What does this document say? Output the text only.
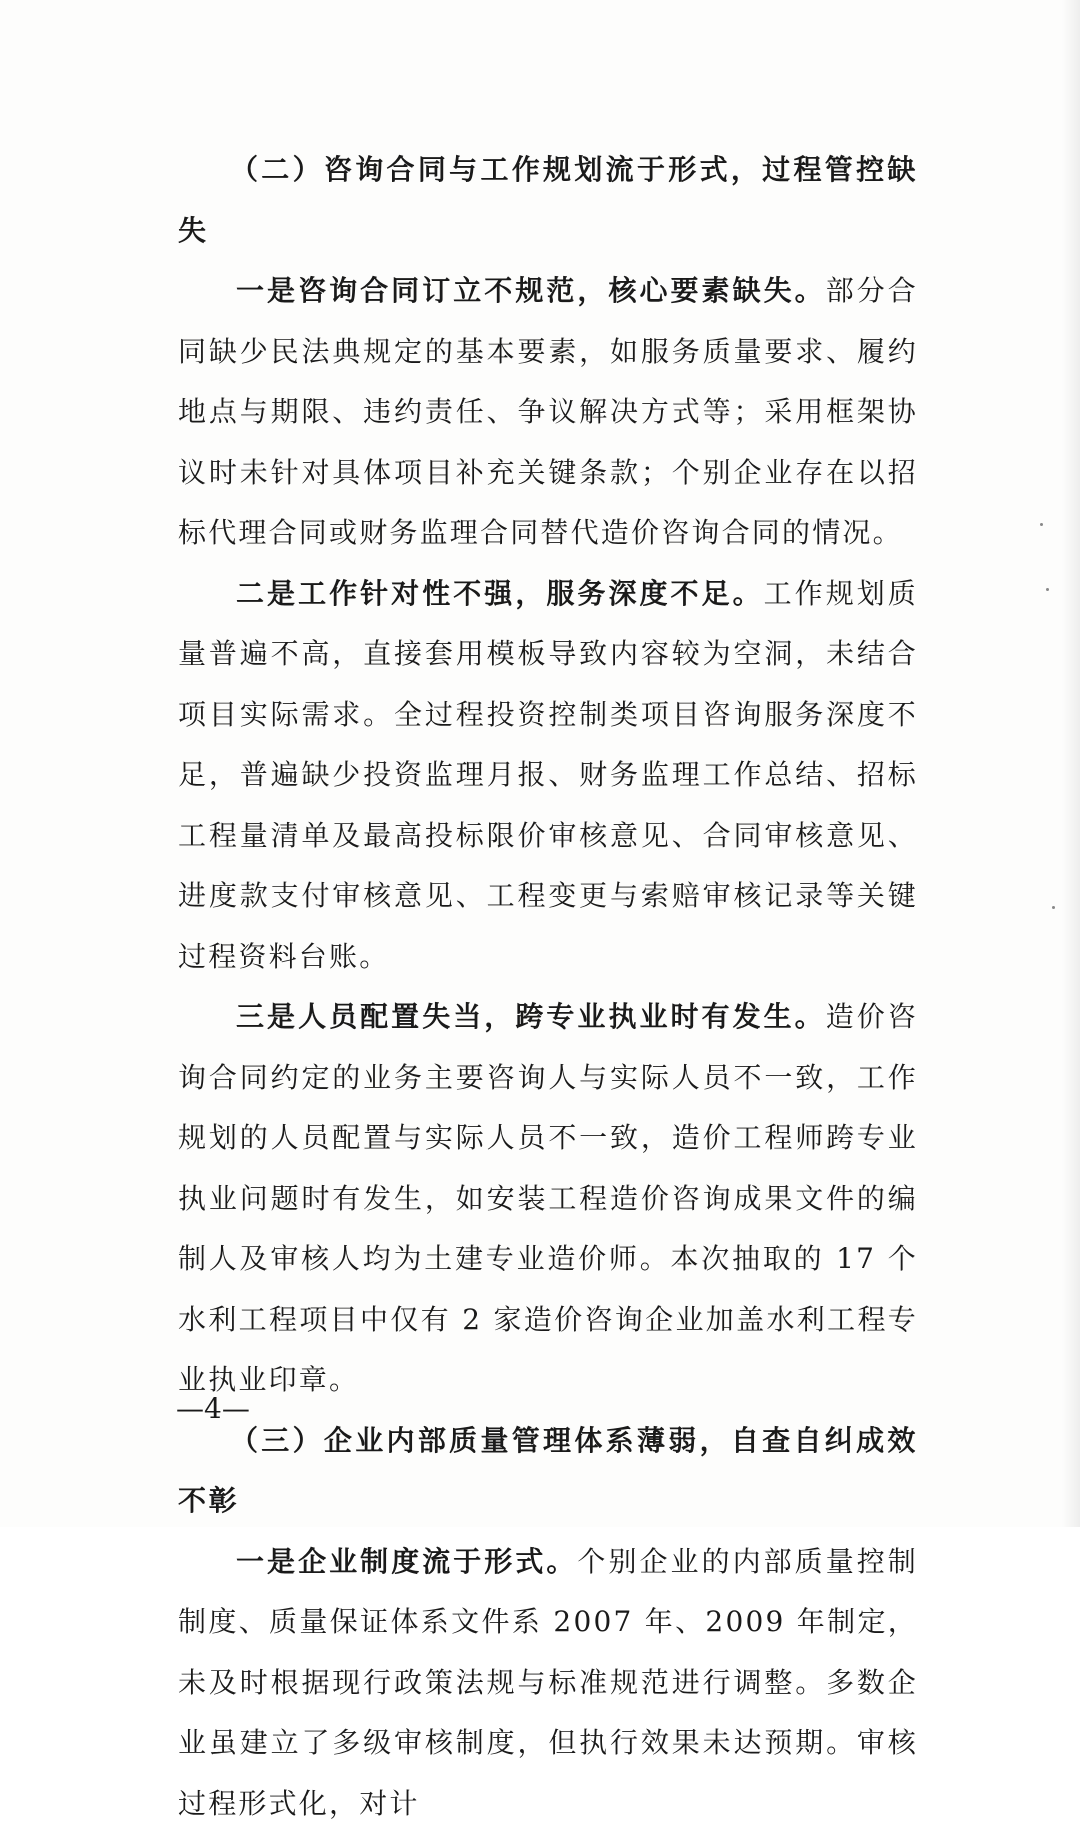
（二）咨询合同与工作规划流于形式，过程管控缺失

一是咨询合同订立不规范，核心要素缺失。部分合同缺少民法典规定的基本要素，如服务质量要求、履约地点与期限、违约责任、争议解决方式等；采用框架协议时未针对具体项目补充关键条款；个别企业存在以招标代理合同或财务监理合同替代造价咨询合同的情况。

二是工作针对性不强，服务深度不足。工作规划质量普遍不高，直接套用模板导致内容较为空洞，未结合项目实际需求。全过程投资控制类项目咨询服务深度不足，普遍缺少投资监理月报、财务监理工作总结、招标工程量清单及最高投标限价审核意见、合同审核意见、进度款支付审核意见、工程变更与索赔审核记录等关键过程资料台账。

三是人员配置失当，跨专业执业时有发生。造价咨询合同约定的业务主要咨询人与实际人员不一致，工作规划的人员配置与实际人员不一致，造价工程师跨专业执业问题时有发生，如安装工程造价咨询成果文件的编制人及审核人均为土建专业造价师。本次抽取的 17 个水利工程项目中仅有 2 家造价咨询企业加盖水利工程专业执业印章。

（三）企业内部质量管理体系薄弱，自查自纠成效不彰

一是企业制度流于形式。个别企业的内部质量控制制度、质量保证体系文件系 2007 年、2009 年制定，未及时根据现行政策法规与标准规范进行调整。多数企业虽建立了多级审核制度，但执行效果未达预期。审核过程形式化，对计

—4—
